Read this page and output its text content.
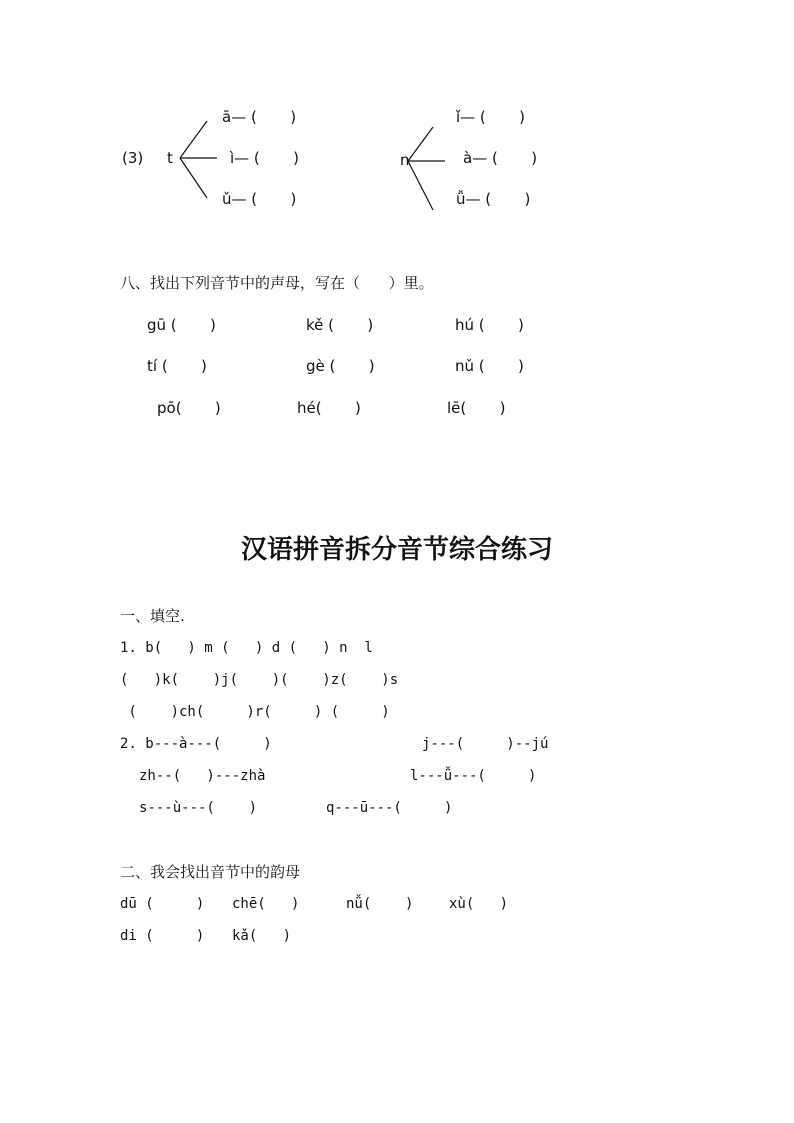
(3) t
ā— (       )
ì— (       )
ǔ— (       )
n
ǐ— (       )
à— (       )
ǚ— (       )
八、找出下列音节中的声母，写在（      ）里。
gū (       )	kě (       )	hú (       )
tí (       )	gè (       )	nǔ (       )
pō(       )	hé(       )	lē(       )
汉语拼音拆分音节综合练习
一、填空.
1. b(   ) m (   ) d (   ) n  l
(   )k(    )j(    )(    )z(    )s
(    )ch(     )r(     ) (     )
2. b---à---(     )	j---(     )--jú
zh--(   )---zhà	l---ǚ---(     )
s---ù---(    )	q---ū---(     )
二、我会找出音节中的韵母
dū (     ) chē(   )	nǚ(    )	xù(   )
di (     ) kǎ(   )
